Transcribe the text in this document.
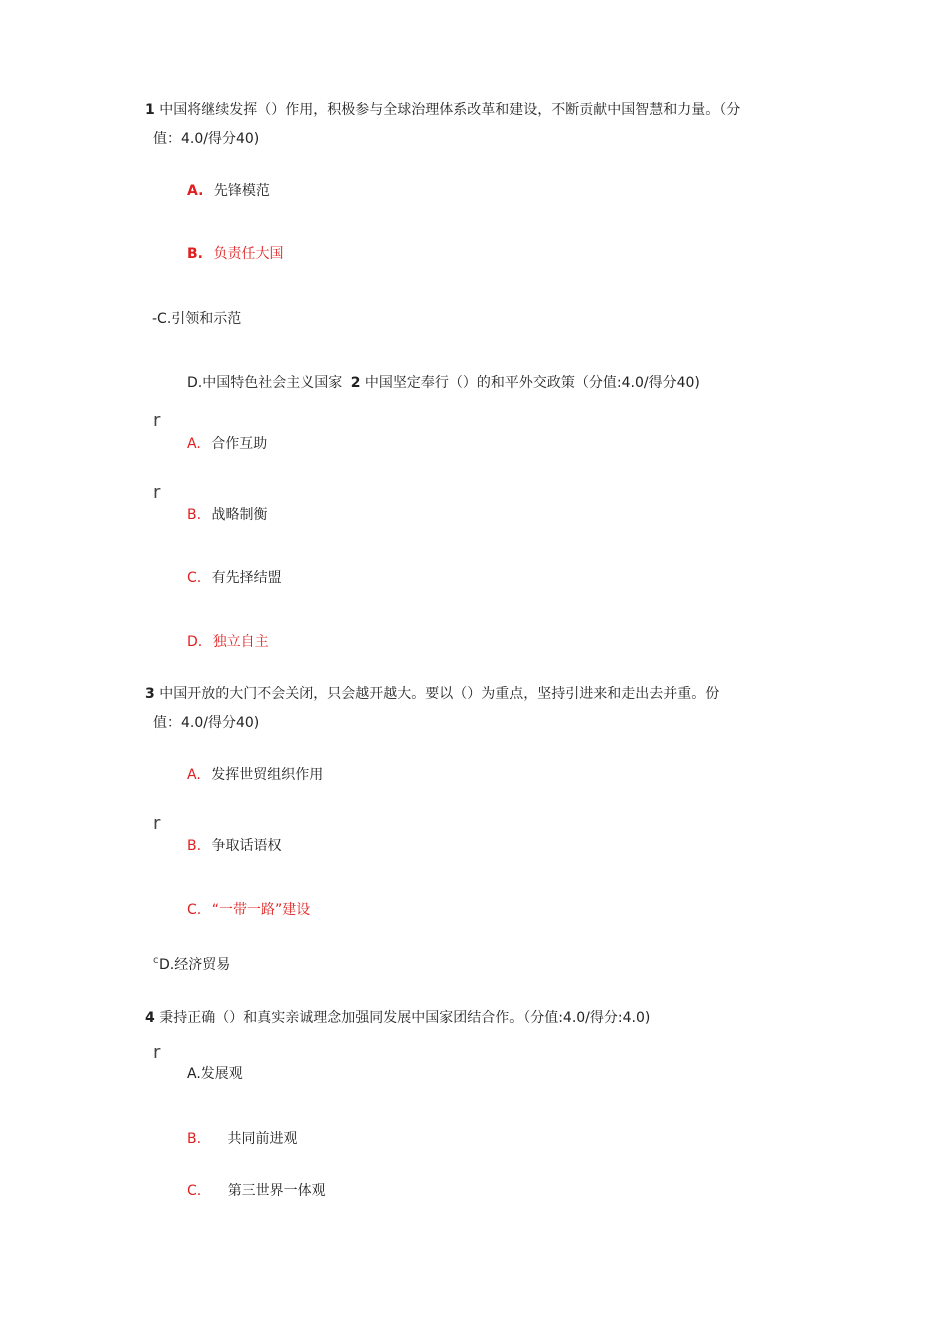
1 中国将继续发挥（）作用，积极参与全球治理体系改革和建设，不断贡献中国智慧和力量。（分
值：4.0/得分40)
A. 先锋模范
B. 负责任大国
-C.引领和示范
D.中国特色社会主义国家 2 中国坚定奉行（）的和平外交政策（分值:4.0/得分40)
r
A. 合作互助
r
B. 战略制衡
C. 有先择结盟
D. 独立自主
3 中国开放的大门不会关闭，只会越开越大。要以（）为重点，坚持引进来和走出去并重。份
值：4.0/得分40)
A. 发挥世贸组织作用
r
B. 争取话语权
C. “一带一路”建设
c D.经济贸易
4 秉持正确（）和真实亲诚理念加强同发展中国家团结合作。（分值:4.0/得分:4.0)
r
A.发展观
B. 共同前进观
C. 第三世界一体观
